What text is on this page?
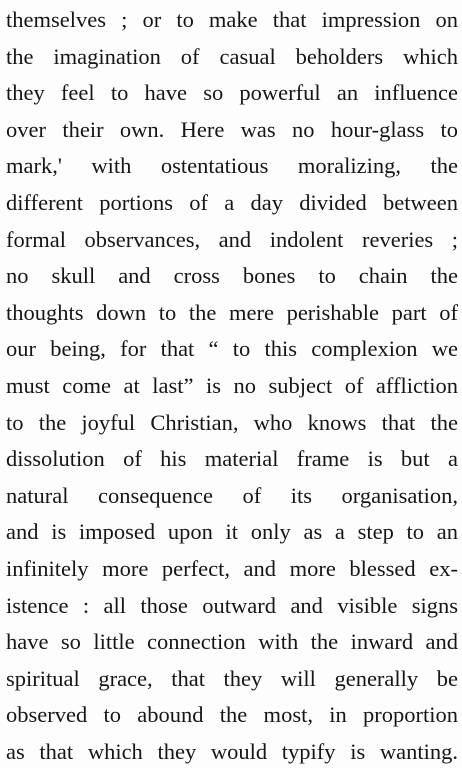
themselves ; or to make that impression on
the imagination of casual beholders which
they feel to have so powerful an influence
over their own. Here was no hour-glass to
mark,' with ostentatious moralizing, the
different portions of a day divided between
formal observances, and indolent reveries ;
no skull and cross bones to chain the
thoughts down to the mere perishable part of
our being, for that “ to this complexion we
must come at last” is no subject of affliction
to the joyful Christian, who knows that the
dissolution of his material frame is but a
natural consequence of its organisation,
and is imposed upon it only as a step to an
infinitely more perfect, and more blessed ex-
istence : all those outward and visible signs
have so little connection with the inward and
spiritual grace, that they will generally be
observed to abound the most, in proportion
as that which they would typify is wanting.
